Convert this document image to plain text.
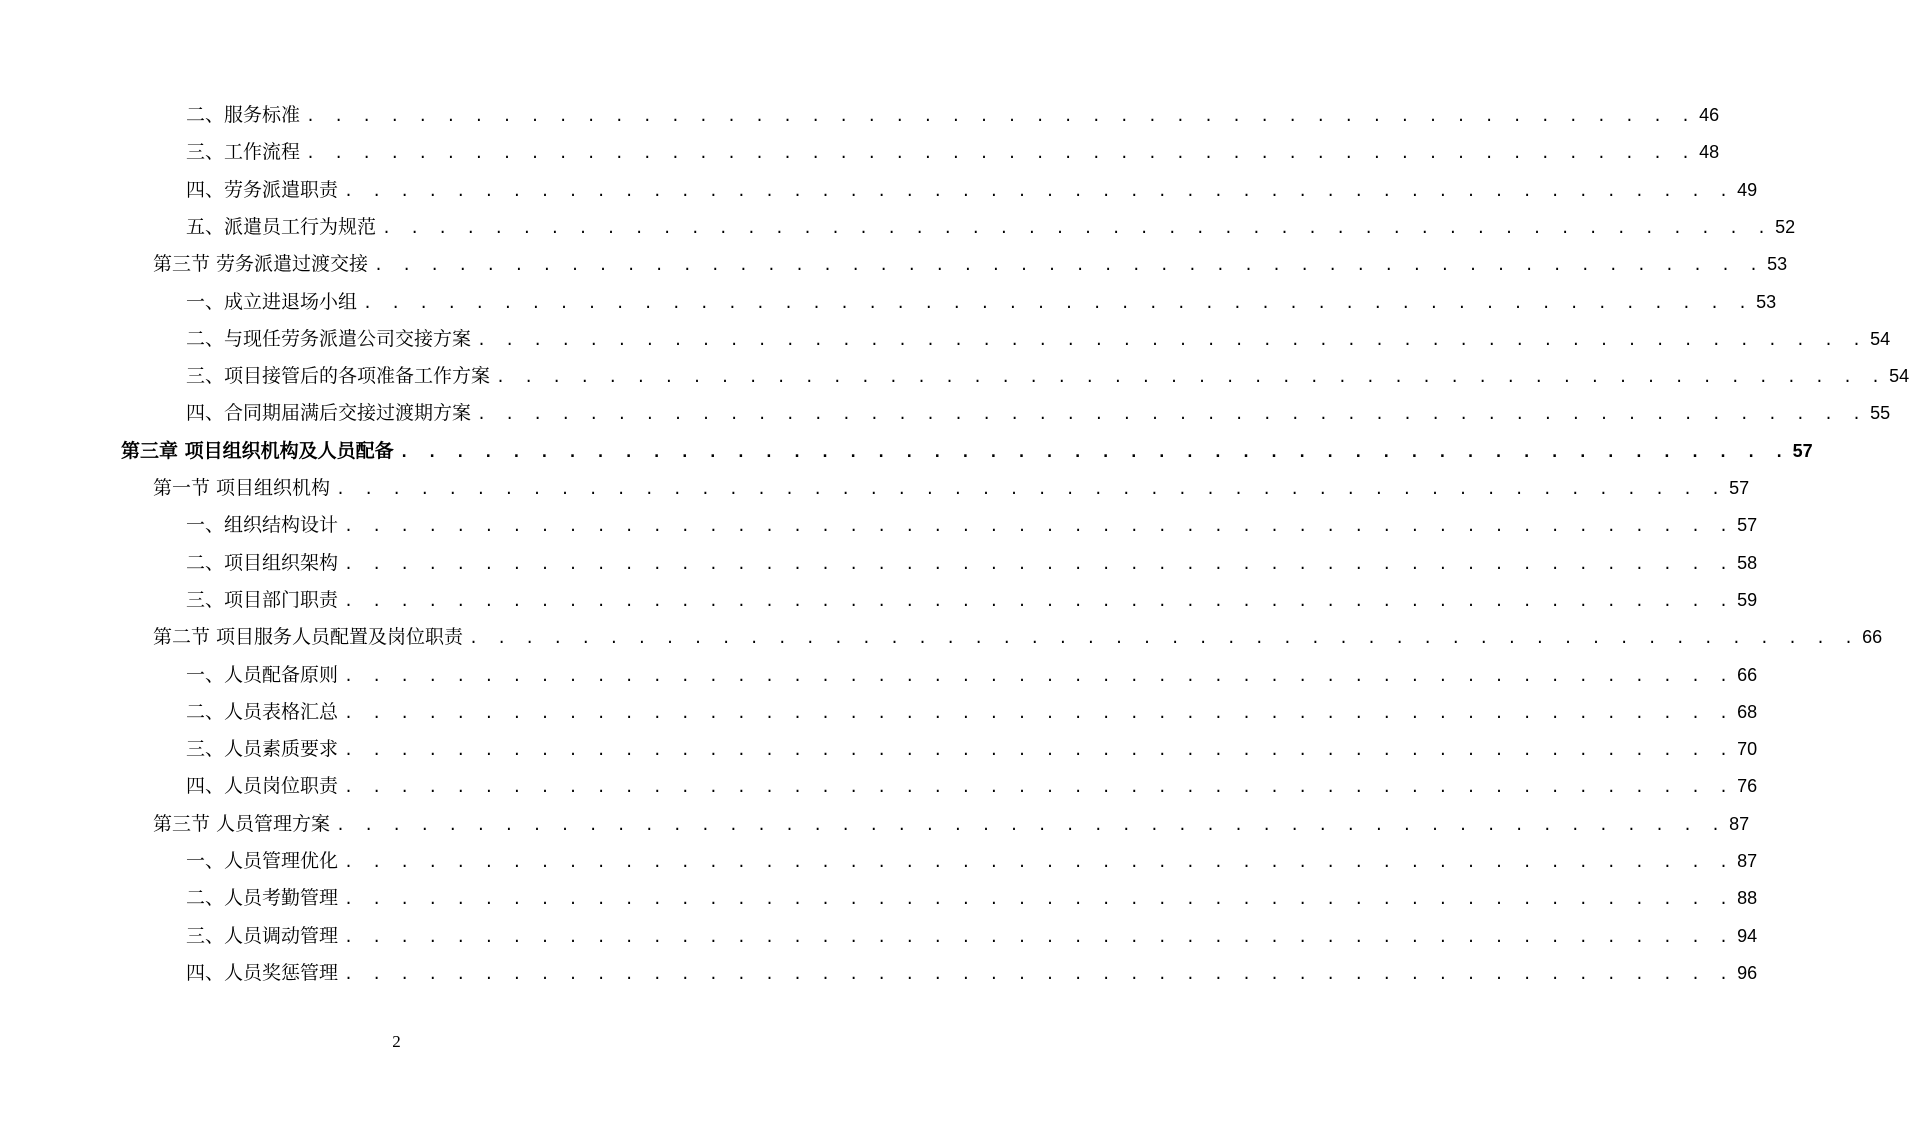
二、服务标准 . . . . . . . . . . . . . . . . . . . . . . . . . . . . . . . . . . . . . . . . . . . . . . . . . . 46
三、工作流程 . . . . . . . . . . . . . . . . . . . . . . . . . . . . . . . . . . . . . . . . . . . . . . . . . . 48
四、劳务派遣职责 . . . . . . . . . . . . . . . . . . . . . . . . . . . . . . . . . . . . . . . . . . . . . . . . . . 49
五、派遣员工行为规范 . . . . . . . . . . . . . . . . . . . . . . . . . . . . . . . . . . . . . . . . . . . . . . . . . . 52
第三节 劳务派遣过渡交接 . . . . . . . . . . . . . . . . . . . . . . . . . . . . . . . . . . . . . . . . . . . . . . . . . . 53
一、成立进退场小组 . . . . . . . . . . . . . . . . . . . . . . . . . . . . . . . . . . . . . . . . . . . . . . . . . . 53
二、与现任劳务派遣公司交接方案 . . . . . . . . . . . . . . . . . . . . . . . . . . . . . . . . . . . . . . . . . . . . . . . . . . 54
三、项目接管后的各项准备工作方案 . . . . . . . . . . . . . . . . . . . . . . . . . . . . . . . . . . . . . . . . . . . . . . . . . . 54
四、合同期届满后交接过渡期方案 . . . . . . . . . . . . . . . . . . . . . . . . . . . . . . . . . . . . . . . . . . . . . . . . . . 55
第三章 项目组织机构及人员配备 . . . . . . . . . . . . . . . . . . . . . . . . . . . . . . . . . . . . . . . . . . . . . . . . . . 57
第一节 项目组织机构 . . . . . . . . . . . . . . . . . . . . . . . . . . . . . . . . . . . . . . . . . . . . . . . . . . 57
一、组织结构设计 . . . . . . . . . . . . . . . . . . . . . . . . . . . . . . . . . . . . . . . . . . . . . . . . . . 57
二、项目组织架构 . . . . . . . . . . . . . . . . . . . . . . . . . . . . . . . . . . . . . . . . . . . . . . . . . . 58
三、项目部门职责 . . . . . . . . . . . . . . . . . . . . . . . . . . . . . . . . . . . . . . . . . . . . . . . . . . 59
第二节 项目服务人员配置及岗位职责 . . . . . . . . . . . . . . . . . . . . . . . . . . . . . . . . . . . . . . . . . . . . . . . . . . 66
一、人员配备原则 . . . . . . . . . . . . . . . . . . . . . . . . . . . . . . . . . . . . . . . . . . . . . . . . . . 66
二、人员表格汇总 . . . . . . . . . . . . . . . . . . . . . . . . . . . . . . . . . . . . . . . . . . . . . . . . . . 68
三、人员素质要求 . . . . . . . . . . . . . . . . . . . . . . . . . . . . . . . . . . . . . . . . . . . . . . . . . . 70
四、人员岗位职责 . . . . . . . . . . . . . . . . . . . . . . . . . . . . . . . . . . . . . . . . . . . . . . . . . . 76
第三节 人员管理方案 . . . . . . . . . . . . . . . . . . . . . . . . . . . . . . . . . . . . . . . . . . . . . . . . . . 87
一、人员管理优化 . . . . . . . . . . . . . . . . . . . . . . . . . . . . . . . . . . . . . . . . . . . . . . . . . . 87
二、人员考勤管理 . . . . . . . . . . . . . . . . . . . . . . . . . . . . . . . . . . . . . . . . . . . . . . . . . . 88
三、人员调动管理 . . . . . . . . . . . . . . . . . . . . . . . . . . . . . . . . . . . . . . . . . . . . . . . . . . 94
四、人员奖惩管理 . . . . . . . . . . . . . . . . . . . . . . . . . . . . . . . . . . . . . . . . . . . . . . . . . . 96
2
